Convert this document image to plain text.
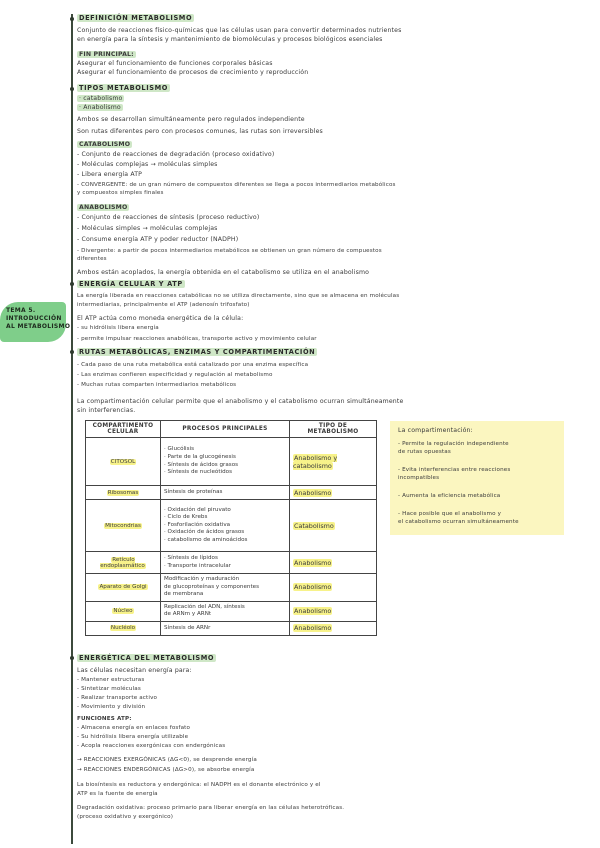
TEMA 5.
INTRODUCCIÓN
AL METABOLISMO
DEFINICIÓN METABOLISMO
Conjunto de reacciones físico-químicas que las células usan para convertir determinados nutrientes
en energía para la síntesis y mantenimiento de biomoléculas y procesos biológicos esenciales
FIN PRINCIPAL:
Asegurar el funcionamiento de funciones corporales básicas
Asegurar el funcionamiento de procesos de crecimiento y reproducción
TIPOS METABOLISMO
· catabolismo
· Anabolismo
Ambos se desarrollan simultáneamente pero regulados independiente
Son rutas diferentes pero con procesos comunes, las rutas son irreversibles
CATABOLISMO
- Conjunto de reacciones de degradación (proceso oxidativo)
- Moléculas complejas → moléculas simples
- Libera energía ATP
- CONVERGENTE: de un gran número de compuestos diferentes se llega a pocos intermediarios metabólicos
y compuestos simples finales
ANABOLISMO
- Conjunto de reacciones de síntesis (proceso reductivo)
- Moléculas simples → moléculas complejas
- Consume energía ATP y poder reductor (NADPH)
- Divergente: a partir de pocos intermediarios metabólicos se obtienen un gran número de compuestos
diferentes
Ambos están acoplados, la energía obtenida en el catabolismo se utiliza en el anabolismo
ENERGÍA CELULAR Y ATP
La energía liberada en reacciones catabólicas no se utiliza directamente, sino que se almacena en moléculas
intermediarias, principalmente el ATP (adenosín trifosfato)
El ATP actúa como moneda energética de la célula:
- su hidrólisis libera energía
- permite impulsar reacciones anabólicas, transporte activo y movimiento celular
RUTAS METABÓLICAS, ENZIMAS Y COMPARTIMENTACIÓN
- Cada paso de una ruta metabólica está catalizado por una enzima específica
- Las enzimas confieren especificidad y regulación al metabolismo
- Muchas rutas comparten intermediarios metabólicos
La compartimentación celular permite que el anabolismo y el catabolismo ocurran simultáneamente
sin interferencias.
COMPARTIMENTO CELULAR	PROCESOS PRINCIPALES	TIPO DE METABOLISMO
CITOSOL	· Glucólisis
· Parte de la glucogénesis
· Síntesis de ácidos grasos
· Síntesis de nucleótidos	Anabolismo y catabolismo
Ribosomas	Síntesis de proteínas	Anabolismo
Mitocondrias	· Oxidación del piruvato
· Ciclo de Krebs
· Fosforilación oxidativa
· Oxidación de ácidos grasos
· catabolismo de aminoácidos	Catabolismo
Retículo endoplasmático	· Síntesis de lípidos
· Transporte intracelular	Anabolismo
Aparato de Golgi	Modificación y maduración
de glucoproteínas y componentes
de membrana	Anabolismo
Núcleo	Replicación del ADN, síntesis
de ARNm y ARNt	Anabolismo
Nucléolo	Síntesis de ARNr	Anabolismo
La compartimentación:
- Permite la regulación independiente
de rutas opuestas
- Evita interferencias entre reacciones
incompatibles
- Aumenta la eficiencia metabólica
- Hace posible que el anabolismo y
el catabolismo ocurran simultáneamente
ENERGÉTICA DEL METABOLISMO
Las células necesitan energía para:
- Mantener estructuras
- Sintetizar moléculas
- Realizar transporte activo
- Movimiento y división
FUNCIONES ATP:
- Almacena energía en enlaces fosfato
- Su hidrólisis libera energía utilizable
- Acopla reacciones exergónicas con endergónicas
→ REACCIONES EXERGÓNICAS (ΔG<0), se desprende energía
→ REACCIONES ENDERGÓNICAS (ΔG>0), se absorbe energía
La biosíntesis es reductora y endergónica: el NADPH es el donante electrónico y el
ATP es la fuente de energía
Degradación oxidativa: proceso primario para liberar energía en las células heterotróficas.
(proceso oxidativo y exergónico)
